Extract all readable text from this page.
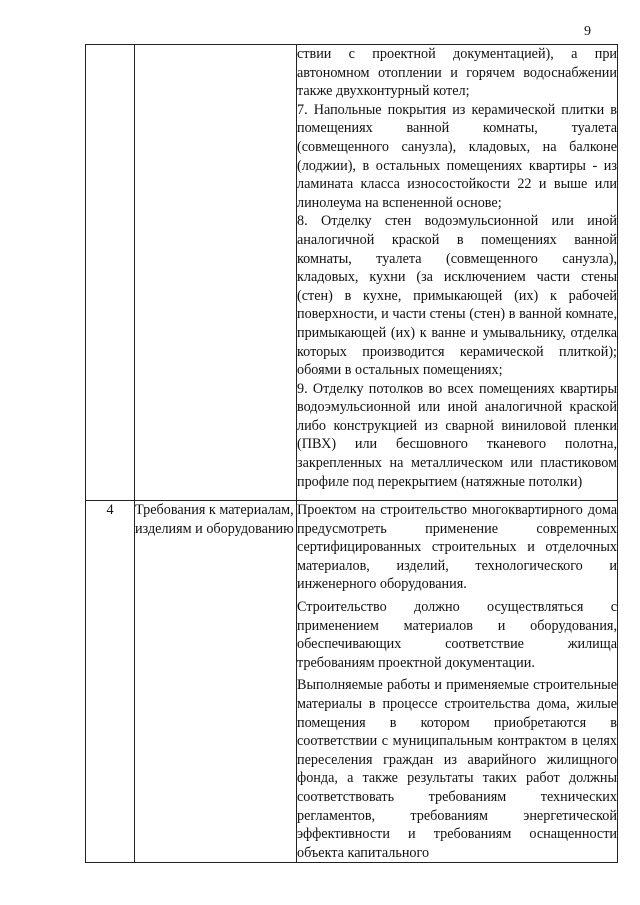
9

		ствии с проектной документацией), а при автономном отоплении и горячем водоснабжении также двухконтурный котел;

7. Напольные покрытия из керамической плитки в помещениях ванной комнаты, туалета (совмещенного санузла), кладовых, на балконе (лоджии), в остальных помещениях квартиры - из ламината класса износостойкости 22 и выше или линолеума на вспененной основе;

8. Отделку стен водоэмульсионной или иной аналогичной краской в помещениях ванной комнаты, туалета (совмещенного санузла), кладовых, кухни (за исключением части стены (стен) в кухне, примыкающей (их) к рабочей поверхности, и части стены (стен) в ванной комнате, примыкающей (их) к ванне и умывальнику, отделка которых производится керамической плиткой); обоями в остальных помещениях;

9. Отделку потолков во всех помещениях квартиры водоэмульсионной или иной аналогичной краской либо конструкцией из сварной виниловой пленки (ПВХ) или бесшовного тканевого полотна, закрепленных на металлическом или пластиковом профиле под перекрытием (натяжные потолки)

4	Требования к материалам, изделиям и оборудованию	Проектом на строительство многоквартирного дома предусмотреть применение современных сертифицированных строительных и отделочных материалов, изделий, технологического и инженерного оборудования.

Строительство должно осуществляться с применением материалов и оборудования, обеспечивающих соответствие жилища требованиям проектной документации.

Выполняемые работы и применяемые строительные материалы в процессе строительства дома, жилые помещения в котором приобретаются в соответствии с муниципальным контрактом в целях переселения граждан из аварийного жилищного фонда, а также результаты таких работ должны соответствовать требованиям технических регламентов, требованиям энергетической эффективности и требованиям оснащенности объекта капитального
